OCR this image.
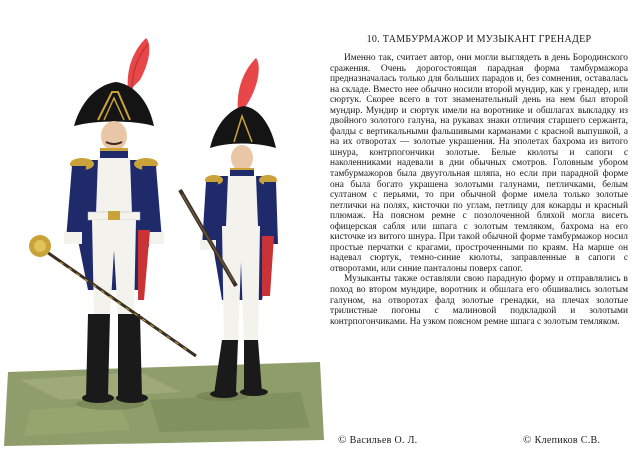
10. ТАМБУРМАЖОР И МУЗЫКАНТ ГРЕНАДЕР

Именно так, считает автор, они могли выглядеть в день Бородинского сражения. Очень дорогостоящая парадная форма тамбурмажора предназначалась только для больших парадов и, без сомнения, оставалась на складе. Вместо нее обычно носили второй мундир, как у гренадер, или сюртук. Скорее всего в тот знаменательный день на нем был второй мундир. Мундир и сюртук имели на воротнике и обшлагах выкладку из двойного золотого галуна, на рукавах знаки отличия старшего сержанта, фалды с вертикальными фальшивыми карманами с красной выпушкой, а на их отворотах — золотые украшения. На эполетах бахрома из витого шнура, контрпогончики золотые. Белые кюлоты и сапоги с наколенниками надевали в дни обычных смотров. Головным убором тамбурмажоров была двуугольная шляпа, но если при парадной форме она была богато украшена золотыми галунами, петличками, белым султаном с перьями, то при обычной форме имела только золотые петлички на полях, кисточки по углам, петлицу для кокарды и красный плюмаж. На поясном ремне с позолоченной бляхой могла висеть офицерская сабля или шпага с золотым темляком, бахрома на его кисточке из витого шнура. При такой обычной форме тамбурмажор носил простые перчатки с крагами, простроченными по краям. На марше он надевал сюртук, темно-синие кюлоты, заправленные в сапоги с отворотами, или синие панталоны поверх сапог.

Музыканты также оставляли свою парадную форму и отправлялись в поход во втором мундире, воротник и обшлага его обшивались золотым галуном, на отворотах фалд золотые гренадки, на плечах золотые трилистные погоны с малиновой подкладкой и золотыми контрпогончиками. На узком поясном ремне шпага с золотым темляком.

© Васильев О. Л.	© Клепиков С.В.
